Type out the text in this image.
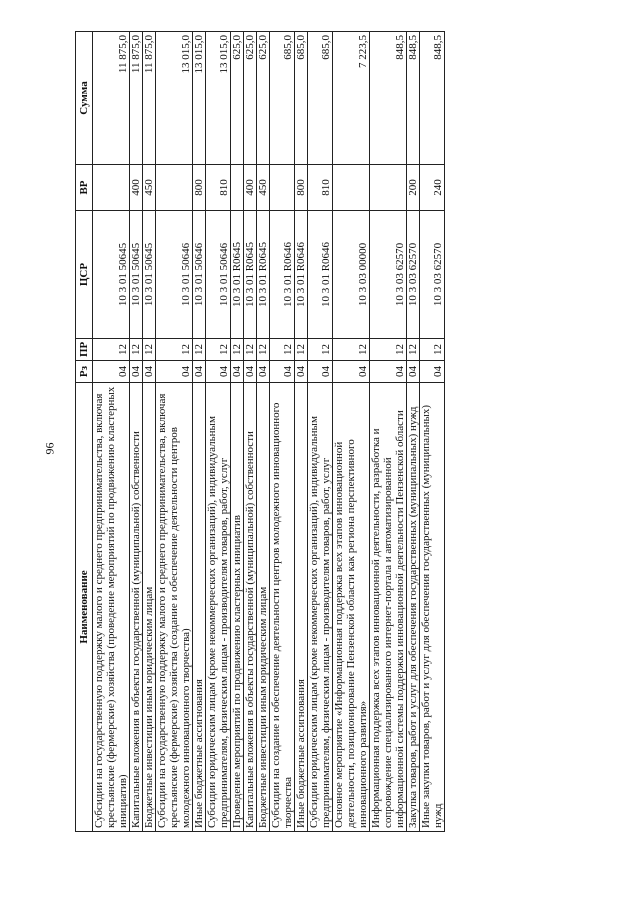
96
Наименование	Рз	ПР	ЦСР	ВР	Сумма
Субсидии на государственную поддержку малого и среднего предпринимательства, включая крестьянские (фермерские) хозяйства (проведение мероприятий по продвижению кластерных инициатив)	04	12	10 3 01 50645		11 875,0
Капитальные вложения в объекты государственной (муниципальной) собственности	04	12	10 3 01 50645	400	11 875,0
Бюджетные инвестиции иным юридическим лицам	04	12	10 3 01 50645	450	11 875,0
Субсидии на государственную поддержку малого и среднего предпринимательства, включая крестьянские (фермерские) хозяйства (создание и обеспечение деятельности центров молодежного инновационного творчества)	04	12	10 3 01 50646		13 015,0
Иные бюджетные ассигнования	04	12	10 3 01 50646	800	13 015,0
Субсидии юридическим лицам (кроме некоммерческих организаций), индивидуальным предпринимателям, физическим лицам - производителям товаров, работ, услуг	04	12	10 3 01 50646	810	13 015,0
Проведение мероприятий по продвижению кластерных инициатив	04	12	10 3 01 R0645		625,0
Капитальные вложения в объекты государственной (муниципальной) собственности	04	12	10 3 01 R0645	400	625,0
Бюджетные инвестиции иным юридическим лицам	04	12	10 3 01 R0645	450	625,0
Субсидии на создание и обеспечение деятельности центров молодежного инновационного творчества	04	12	10 3 01 R0646		685,0
Иные бюджетные ассигнования	04	12	10 3 01 R0646	800	685,0
Субсидии юридическим лицам (кроме некоммерческих организаций), индивидуальным предпринимателям, физическим лицам - производителям товаров, работ, услуг	04	12	10 3 01 R0646	810	685,0
Основное мероприятие «Информационная поддержка всех этапов инновационной деятельности, позиционирование Пензенской области как региона перспективного инновационного развития»	04	12	10 3 03 00000		7 223,5
Информационная поддержка всех этапов инновационной деятельности, разработка и сопровождение специализированного интернет-портала и автоматизированной информационной системы поддержки инновационной деятельности Пензенской области	04	12	10 3 03 62570		848,5
Закупка товаров, работ и услуг для обеспечения государственных (муниципальных) нужд	04	12	10 3 03 62570	200	848,5
Иные закупки товаров, работ и услуг для обеспечения государственных (муниципальных) нужд	04	12	10 3 03 62570	240	848,5
